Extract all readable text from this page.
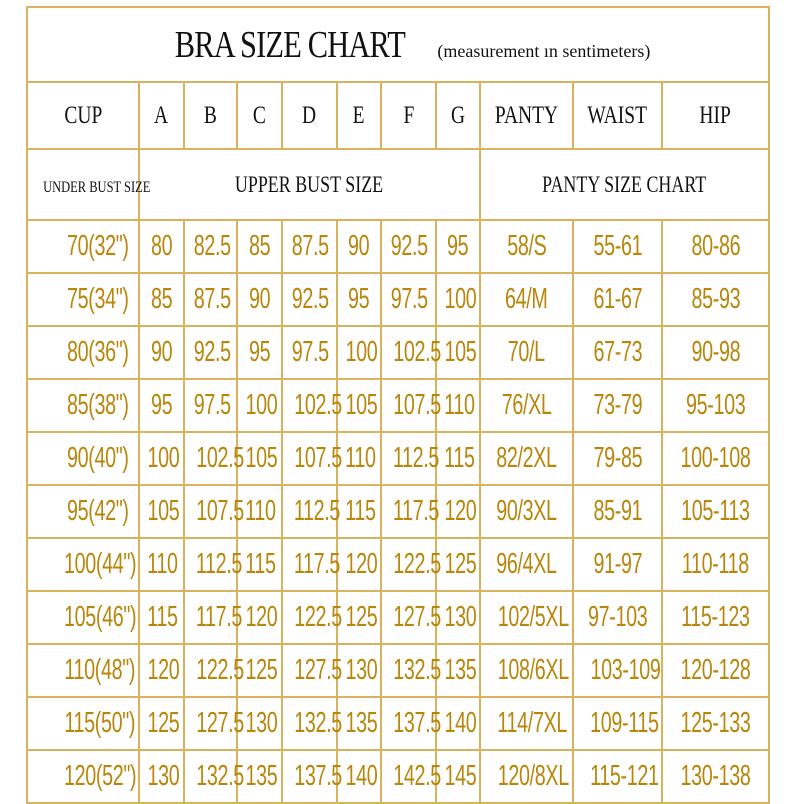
BRA SIZE CHART (measurement ın sentimeters)										
CUP	A	B	C	D	E	F	G	PANTY	WAIST	HIP
UNDER BUST SIZE	UPPER BUST SIZE							PANTY SIZE CHART		
70(32")	80	82.5	85	87.5	90	92.5	95	58/S	55-61	80-86
75(34")	85	87.5	90	92.5	95	97.5	100	64/M	61-67	85-93
80(36")	90	92.5	95	97.5	100	102.5	105	70/L	67-73	90-98
85(38")	95	97.5	100	102.5	105	107.5	110	76/XL	73-79	95-103
90(40")	100	102.5	105	107.5	110	112.5	115	82/2XL	79-85	100-108
95(42")	105	107.5	110	112.5	115	117.5	120	90/3XL	85-91	105-113
100(44")	110	112.5	115	117.5	120	122.5	125	96/4XL	91-97	110-118
105(46")	115	117.5	120	122.5	125	127.5	130	102/5XL	97-103	115-123
110(48")	120	122.5	125	127.5	130	132.5	135	108/6XL	103-109	120-128
115(50")	125	127.5	130	132.5	135	137.5	140	114/7XL	109-115	125-133
120(52")	130	132.5	135	137.5	140	142.5	145	120/8XL	115-121	130-138
